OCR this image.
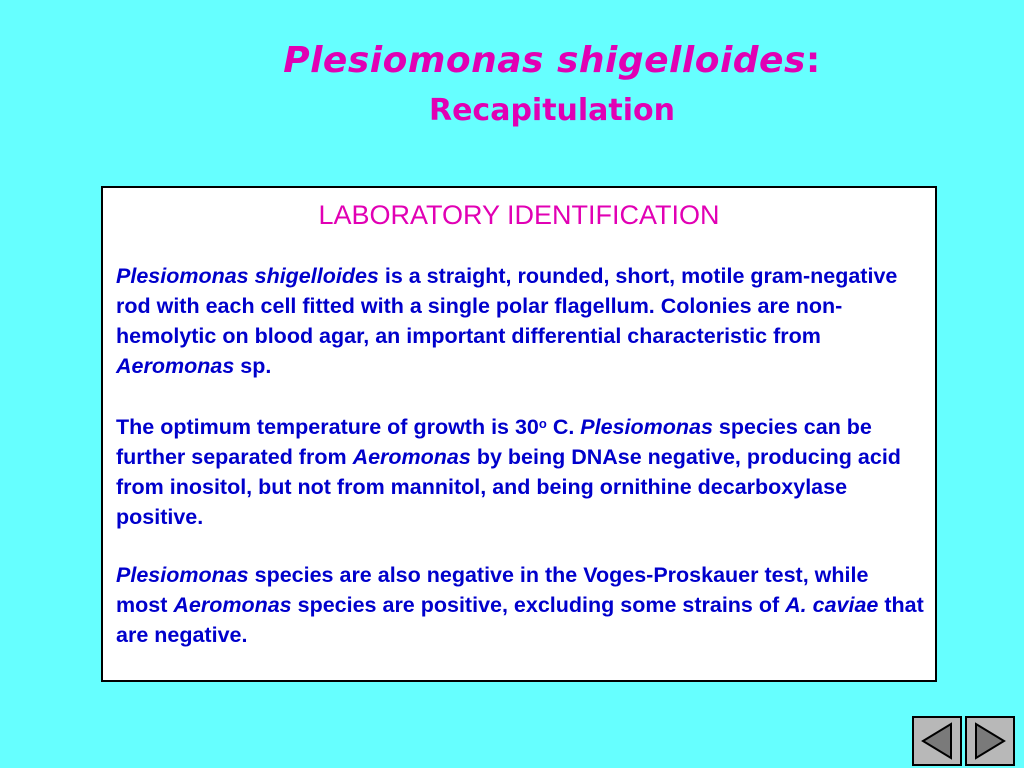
Plesiomonas shigelloides:
Recapitulation
LABORATORY IDENTIFICATION

Plesiomonas shigelloides is a straight, rounded, short, motile gram-negative rod with each cell fitted with a single polar flagellum. Colonies are non-hemolytic on blood agar, an important differential characteristic from Aeromonas sp.

The optimum temperature of growth is 30$^o$ C. Plesiomonas species can be further separated from Aeromonas by being DNAse negative, producing acid from inositol, but not from mannitol, and being ornithine decarboxylase positive.

Plesiomonas species are also negative in the Voges-Proskauer test, while most Aeromonas species are positive, excluding some strains of A. caviae that are negative.
